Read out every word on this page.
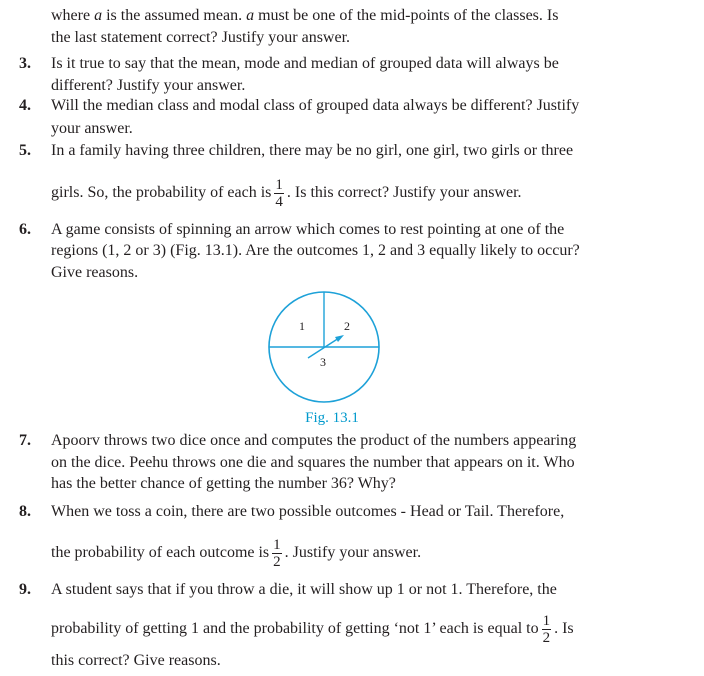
where a is the assumed mean. a must be one of the mid-points of the classes. Is
the last statement correct? Justify your answer.
3. Is it true to say that the mean, mode and median of grouped data will always be
different? Justify your answer.
4. Will the median class and modal class of grouped data always be different? Justify
your answer.
5. In a family having three children, there may be no girl, one girl, two girls or three
girls. So, the probability of each is $\frac{1}{4}$ . Is this correct? Justify your answer.
6. A game consists of spinning an arrow which comes to rest pointing at one of the
regions (1, 2 or 3) (Fig. 13.1). Are the outcomes 1, 2 and 3 equally likely to occur?
Give reasons.
1	2
3
Fig. 13.1
7. Apoorv throws two dice once and computes the product of the numbers appearing
on the dice. Peehu throws one die and squares the number that appears on it. Who
has the better chance of getting the number 36? Why?
8. When we toss a coin, there are two possible outcomes - Head or Tail. Therefore,
the probability of each outcome is $\frac{1}{2}$ . Justify your answer.
9. A student says that if you throw a die, it will show up 1 or not 1. Therefore, the
probability of getting 1 and the probability of getting ‘not 1’ each is equal to $\frac{1}{2}$ . Is
this correct? Give reasons.
